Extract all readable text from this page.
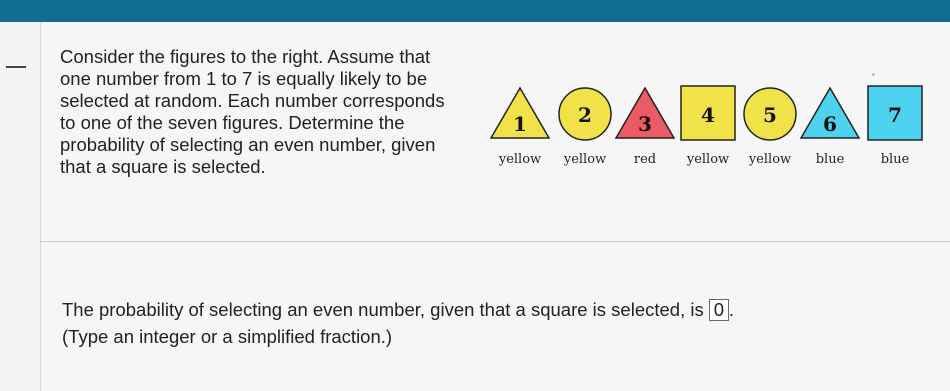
Consider the figures to the right. Assume that
one number from 1 to 7 is equally likely to be
selected at random. Each number corresponds
to one of the seven figures. Determine the
probability of selecting an even number, given
that a square is selected.
1
yellow
2
yellow
3
red
4
yellow
5
yellow
6
blue
7
blue
The probability of selecting an even number, given that a square is selected, is 0 .
(Type an integer or a simplified fraction.)
